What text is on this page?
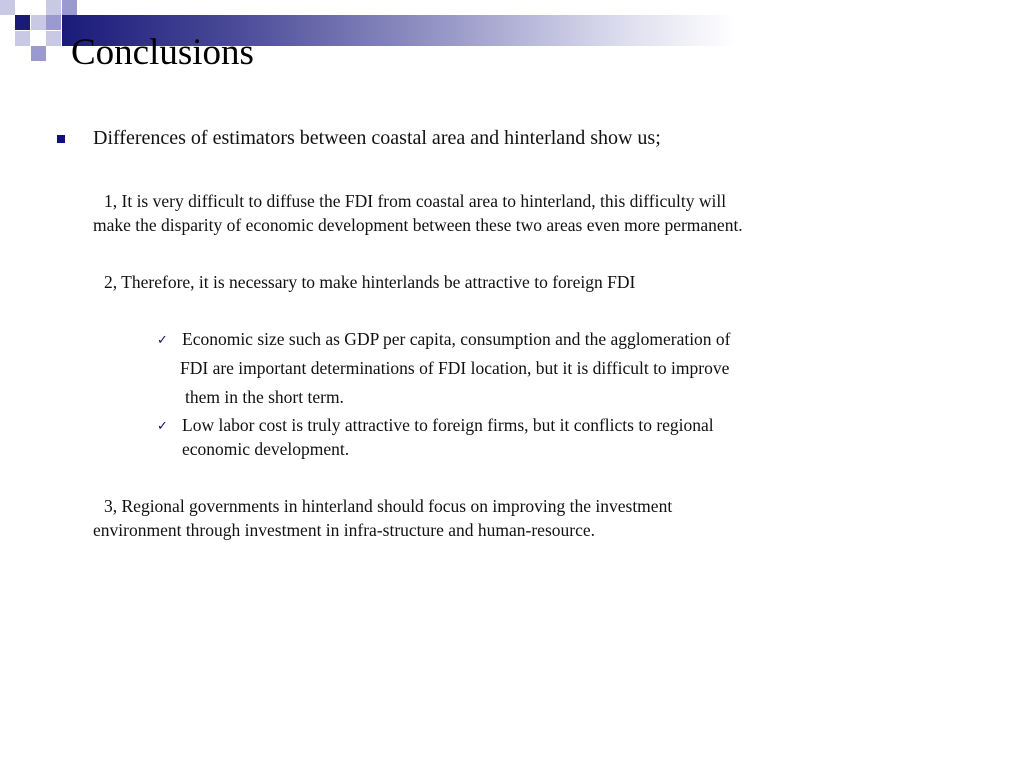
Conclusions

Differences of estimators between coastal area and hinterland show us;

1, It is very difficult to diffuse the FDI from coastal area to hinterland, this difficulty will

make the disparity of economic development between these two areas even more permanent.

2, Therefore, it is necessary to make hinterlands be attractive to foreign FDI

✓ Economic size such as GDP per capita, consumption and the agglomeration of

FDI are important determinations of FDI location, but it is difficult to improve

them in the short term.

✓ Low labor cost is truly attractive to foreign firms, but it conflicts to regional

economic development.

3, Regional governments in hinterland should focus on improving the investment

environment through investment in infra-structure and human-resource.
